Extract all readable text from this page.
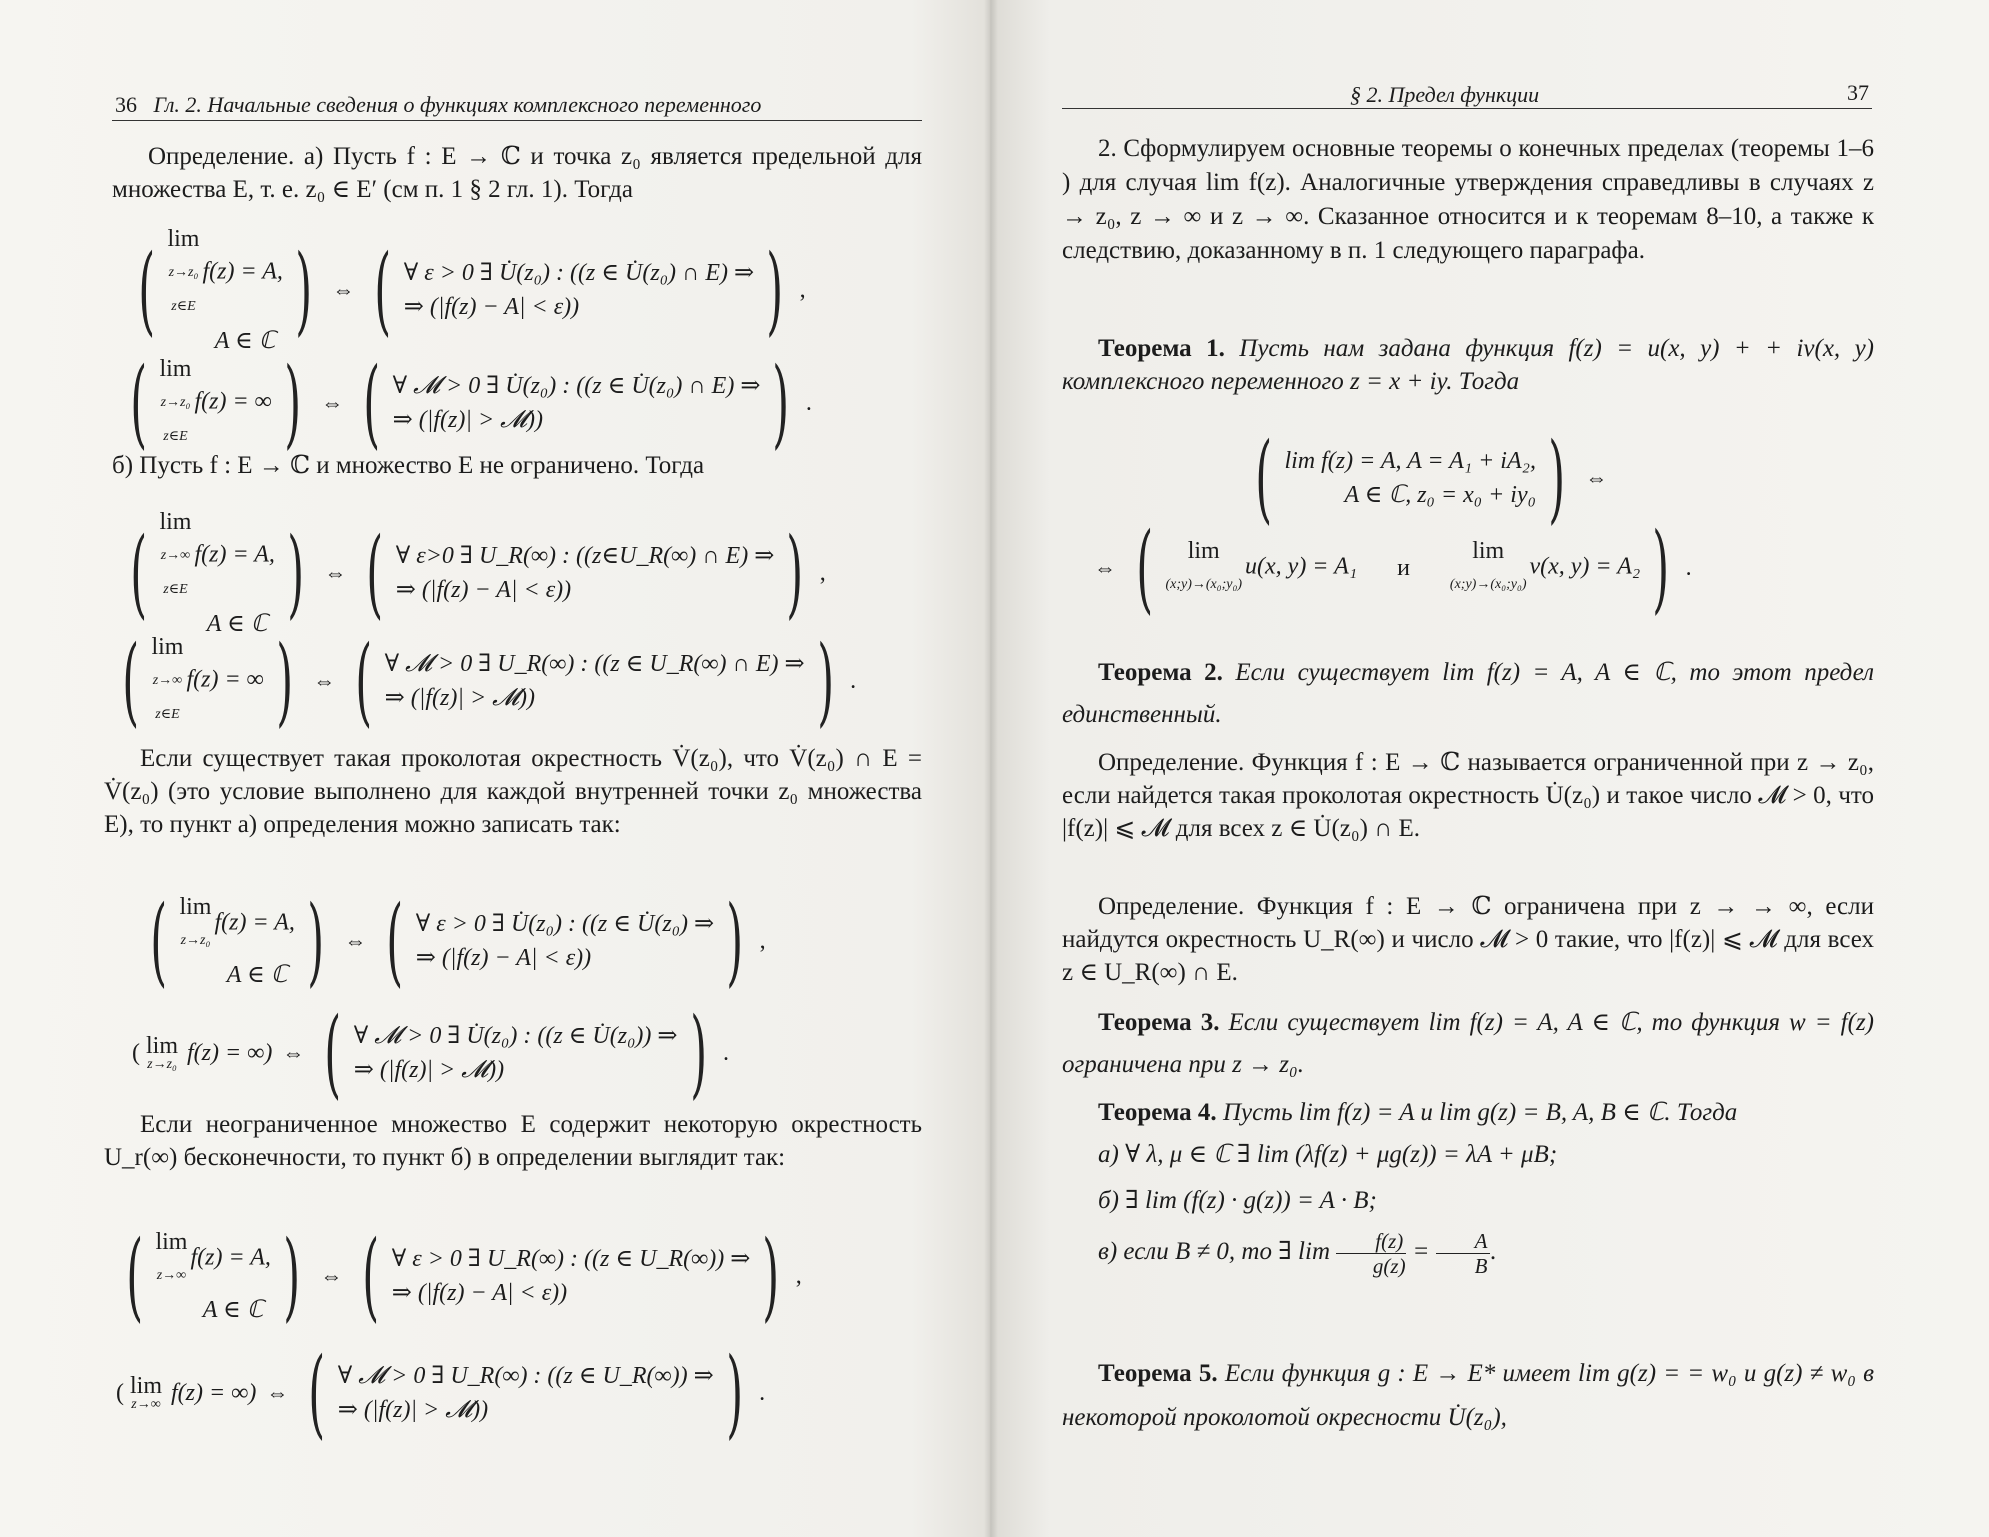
36 Гл. 2. Начальные сведения о функциях комплексного переменного

Определение. а) Пусть f : E → ℂ и точка z₀ является предельной для множества E, т. е. z₀ ∈ E′ (см п. 1 § 2 гл. 1). Тогда

( lim
z→z₀
z∈E
f(z) = A,
A ∈ ℂ ) ⇔ ( ∀ ε > 0 ∃ U̇(z₀) : ((z ∈ U̇(z₀) ∩ E) ⇒
⇒ (|f(z) − A| < ε))	) ,
( lim
z→z₀
z∈E
f(z) = ∞ ) ⇔ ( ∀ 𝓜 > 0 ∃ U̇(z₀) : ((z ∈ U̇(z₀) ∩ E) ⇒
⇒ (|f(z)| > 𝓜))	) .

б) Пусть f : E → ℂ и множество E не ограничено. Тогда

( lim
z→∞
z∈E
f(z) = A,
A ∈ ℂ ) ⇔ ( ∀ ε>0 ∃ U_R(∞) : ((z∈U_R(∞) ∩ E) ⇒
⇒ (|f(z) − A| < ε))	) ,
( lim
z→∞
z∈E
f(z) = ∞ ) ⇔ ( ∀ 𝓜 > 0 ∃ U_R(∞) : ((z ∈ U_R(∞) ∩ E) ⇒
⇒ (|f(z)| > 𝓜))	) .

Если существует такая проколотая окрестность V̇(z₀), что V̇(z₀) ∩ E = V̇(z₀) (это условие выполнено для каждой внутренней точки z₀ множества E), то пункт а) определения можно записать так:

( lim
z→z₀
f(z) = A,
A ∈ ℂ ) ⇔ ( ∀ ε > 0 ∃ U̇(z₀) : ((z ∈ U̇(z₀) ⇒
⇒ (|f(z) − A| < ε))	) ,
( lim
z→z₀ f(z) = ∞) ⇔ ( ∀ 𝓜 > 0 ∃ U̇(z₀) : ((z ∈ U̇(z₀)) ⇒
⇒ (|f(z)| > 𝓜))	) .

Если неограниченное множество E содержит некоторую окрестность U_r(∞) бесконечности, то пункт б) в определении выглядит так:

( lim
z→∞
f(z) = A,
A ∈ ℂ ) ⇔ ( ∀ ε > 0 ∃ U_R(∞) : ((z ∈ U_R(∞)) ⇒
⇒ (|f(z) − A| < ε))	) ,
( lim
z→∞ f(z) = ∞) ⇔ ( ∀ 𝓜 > 0 ∃ U_R(∞) : ((z ∈ U_R(∞)) ⇒
⇒ (|f(z)| > 𝓜))	) .
§ 2. Предел функции	37

2. Сформулируем основные теоремы о конечных пределах (теоремы 1–6 ) для случая lim f(z). Аналогичные утверждения справедливы в случаях z → z₀, z → ∞ и z → ∞. Сказанное относится и к теоремам 8–10, а также к следствию, доказанному в п. 1 следующего параграфа.

Теорема 1. Пусть нам задана функция f(z) = u(x, y) + + iv(x, y) комплексного переменного z = x + iy. Тогда

( lim f(z) = A, A = A₁ + iA₂,
A ∈ ℂ, z₀ = x₀ + iy₀ ) ⇔
⇔ ( lim
(x;y)→(x₀;y₀)
u(x, y) = A₁ и
lim
(x;y)→(x₀;y₀)
v(x, y) = A₂ ) .

Теорема 2. Если существует lim f(z) = A, A ∈ ℂ, то этот предел единственный.

Определение. Функция f : E → ℂ называется ограниченной при z → z₀, если найдется такая проколотая окрестность U̇(z₀) и такое число 𝓜 > 0, что |f(z)| ⩽ 𝓜 для всех z ∈ U̇(z₀) ∩ E.

Определение. Функция f : E → ℂ ограничена при z → → ∞, если найдутся окрестность U_R(∞) и число 𝓜 > 0 такие, что |f(z)| ⩽ 𝓜 для всех z ∈ U_R(∞) ∩ E.

Теорема 3. Если существует lim f(z) = A, A ∈ ℂ, то функция w = f(z) ограничена при z → z₀.

Теорема 4. Пусть lim f(z) = A и lim g(z) = B, A, B ∈ ℂ. Тогда

а) ∀ λ, μ ∈ ℂ ∃ lim (λf(z) + μg(z)) = λA + μB;

б) ∃ lim (f(z) · g(z)) = A · B;

в) если B ≠ 0, то ∃ $\lim \frac{f(z)}{g(z)} = \frac{A}{B}$ .

Теорема 5. Если функция g : E → E* имеет lim g(z) = = w₀ и g(z) ≠ w₀ в некоторой проколотой окресности U̇(z₀),
